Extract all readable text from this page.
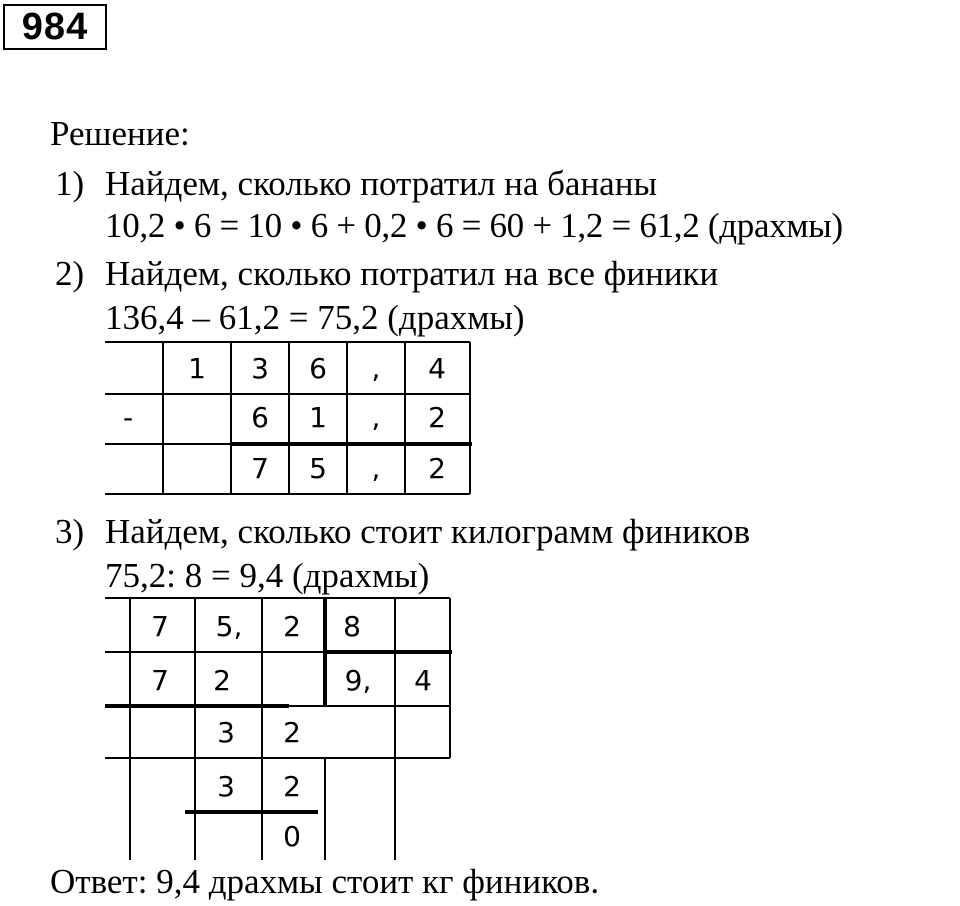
984
Решение:
1) Найдем, сколько потратил на бананы
10,2 • 6 = 10 • 6 + 0,2 • 6 = 60 + 1,2 = 61,2 (драхмы)
2) Найдем, сколько потратил на все финики
136,4 – 61,2 = 75,2 (драхмы)
1 3 6 , 4
-	6 1 , 2
7 5 , 2
7 5, 2 8
7 2	9, 4
3 2
3 2
0
3) Найдем, сколько стоит килограмм фиников
75,2: 8 = 9,4 (драхмы)
Ответ: 9,4 драхмы стоит кг фиников.
